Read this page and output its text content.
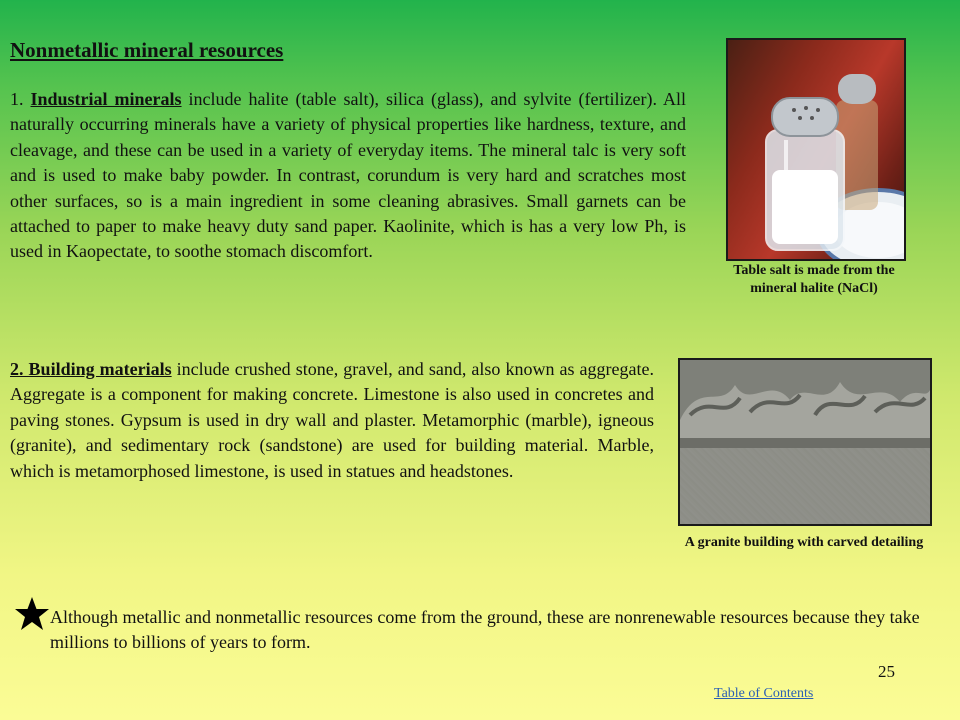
Nonmetallic mineral resources

1. Industrial minerals include halite (table salt), silica (glass), and sylvite (fertilizer). All naturally occurring minerals have a variety of physical properties like hardness, texture, and cleavage, and these can be used in a variety of everyday items. The mineral talc is very soft and is used to make baby powder. In contrast, corundum is very hard and scratches most other surfaces, so is a main ingredient in some cleaning abrasives. Small garnets can be attached to paper to make heavy duty sand paper. Kaolinite, which is has a very low Ph, is used in Kaopectate, to soothe stomach discomfort.

Table salt is made from the mineral halite (NaCl)

2. Building materials include crushed stone, gravel, and sand, also known as aggregate. Aggregate is a component for making concrete. Limestone is also used in concretes and paving stones. Gypsum is used in dry wall and plaster. Metamorphic (marble), igneous (granite), and sedimentary rock (sandstone) are used for building material. Marble, which is metamorphosed limestone, is used in statues and headstones.

A granite building with carved detailing

Although metallic and nonmetallic resources come from the ground, these are nonrenewable resources because they take millions to billions of years to form.

25

Table of Contents
